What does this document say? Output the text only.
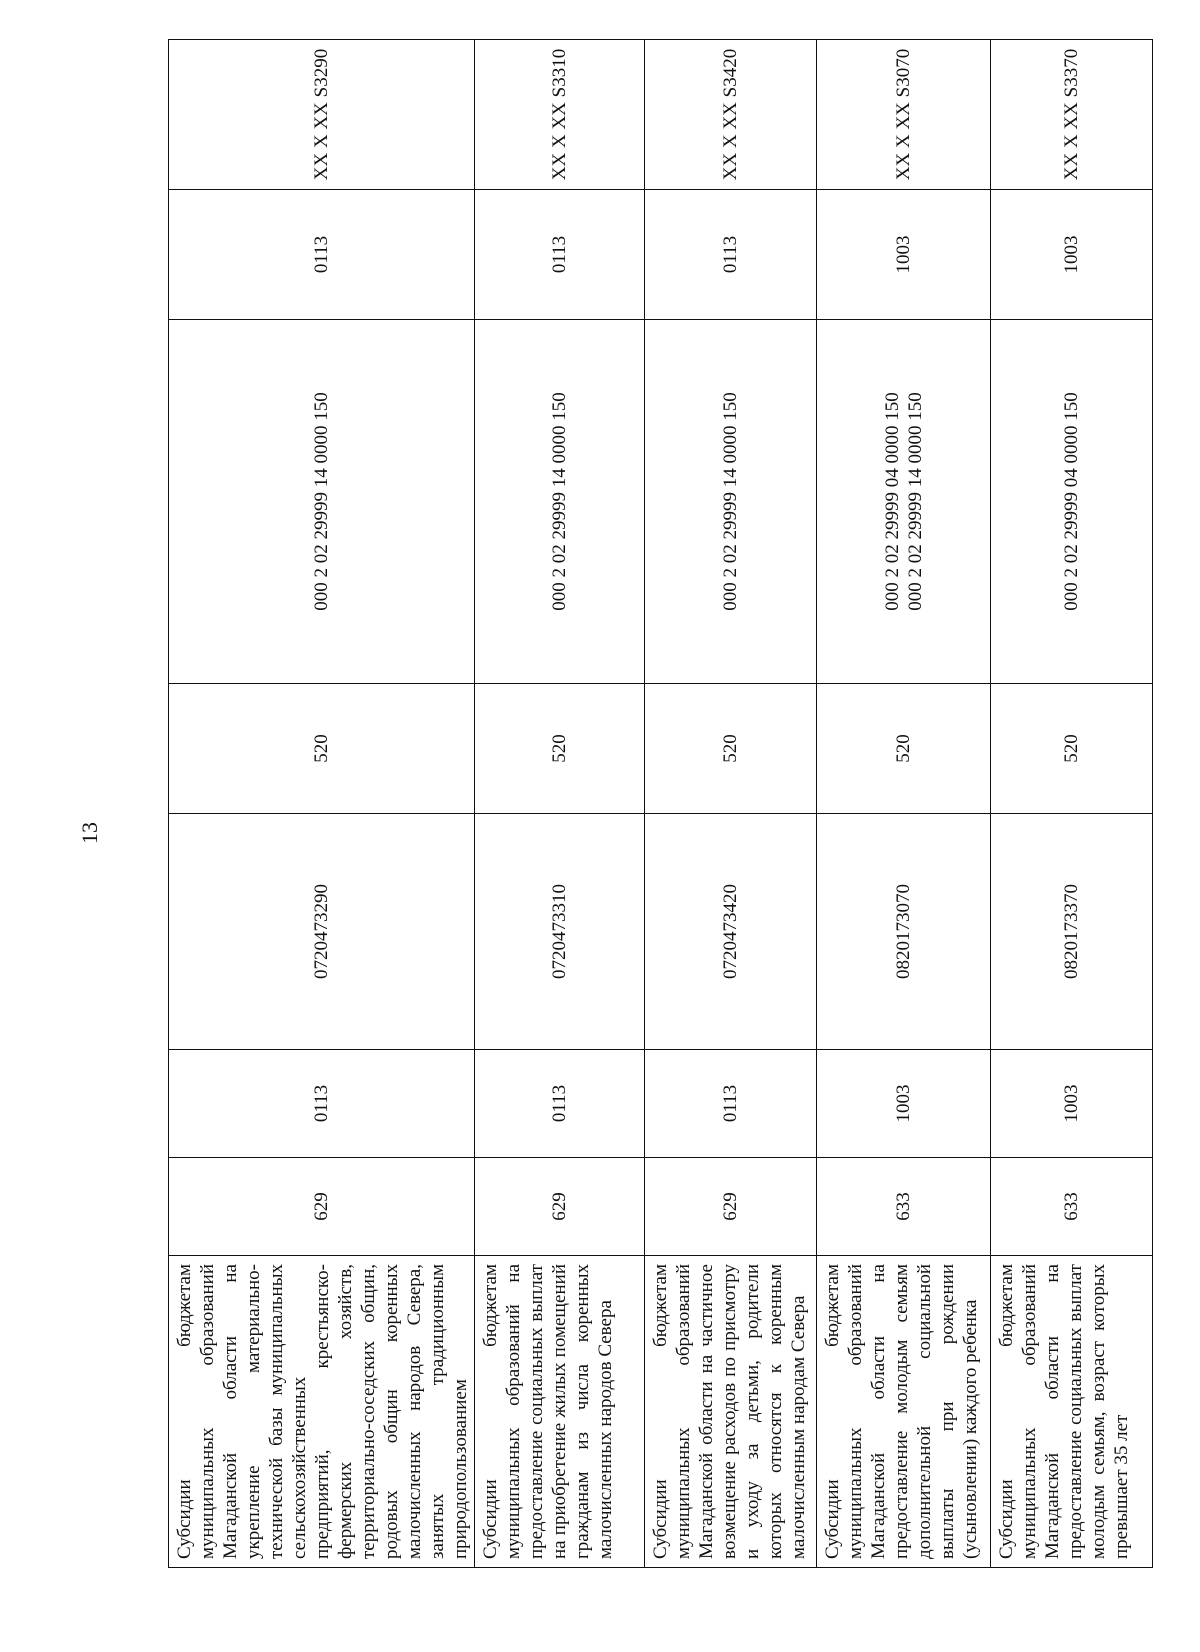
13
Субсидии бюджетам муниципальных образований Магаданской области на укрепление материально-технической базы муниципальных сельскохозяйственных предприятий, крестьянско-фермерских хозяйств, территориально-соседских общин, родовых общин коренных малочисленных народов Севера, занятых традиционным природопользованием	629	0113	0720473290	520	000 2 02 29999 14 0000 150	0113	XX X XX S3290
Субсидии бюджетам муниципальных образований на предоставление социальных выплат на приобретение жилых помещений гражданам из числа коренных малочисленных народов Севера	629	0113	0720473310	520	000 2 02 29999 14 0000 150	0113	XX X XX S3310
Субсидии бюджетам муниципальных образований Магаданской области на частичное возмещение расходов по присмотру и уходу за детьми, родители которых относятся к коренным малочисленным народам Севера	629	0113	0720473420	520	000 2 02 29999 14 0000 150	0113	XX X XX S3420
Субсидии бюджетам муниципальных образований Магаданской области на предоставление молодым семьям дополнительной социальной выплаты при рождении (усыновлении) каждого ребенка	633	1003	0820173070	520	000 2 02 29999 04 0000 150 000 2 02 29999 14 0000 150	1003	XX X XX S3070
Субсидии бюджетам муниципальных образований Магаданской области на предоставление социальных выплат молодым семьям, возраст которых превышает 35 лет	633	1003	0820173370	520	000 2 02 29999 04 0000 150	1003	XX X XX S3370
